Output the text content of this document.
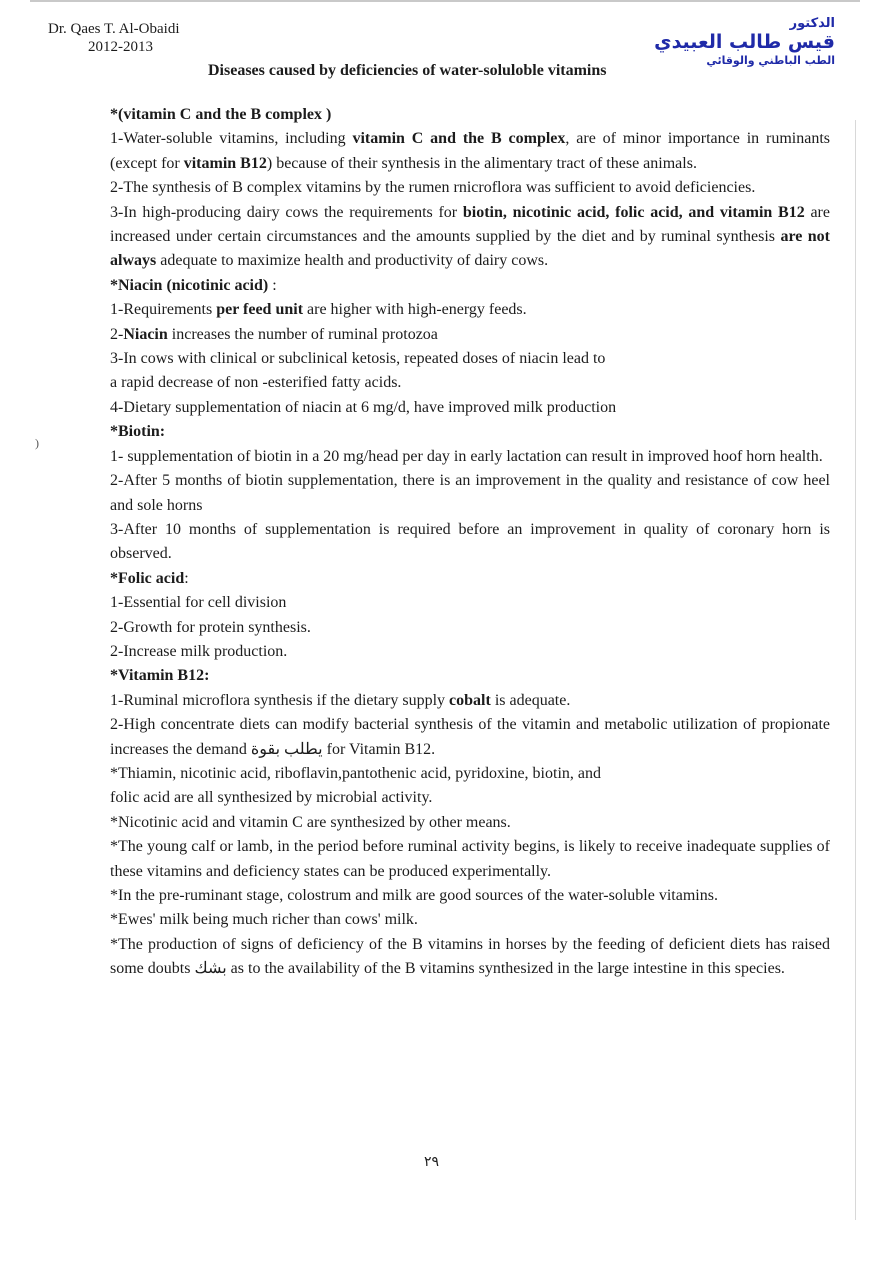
Dr. Qaes T. Al-Obaidi
2012-2013
الدكتور
قيس طالب العبيدي
الطب الباطني والوقائي
Diseases caused by deficiencies of water-soluloble vitamins
)

*(vitamin C and the B complex )

1-Water-soluble vitamins, including vitamin C and the B complex, are of minor importance in ruminants (except for vitamin B12) because of their synthesis in the alimentary tract of these animals.

2-The synthesis of B complex vitamins by the rumen rnicroflora was sufficient to avoid deficiencies.

3-In high-producing dairy cows the requirements for biotin, nicotinic acid, folic acid, and vitamin B12 are increased under certain circumstances and the amounts supplied by the diet and by ruminal synthesis are not always adequate to maximize health and productivity of dairy cows.

*Niacin (nicotinic acid) :

1-Requirements per feed unit are higher with high-energy feeds.

2-Niacin increases the number of ruminal protozoa

3-In cows with clinical or subclinical ketosis, repeated doses of niacin lead to

a rapid decrease of non -esterified fatty acids.

4-Dietary supplementation of niacin at 6 mg/d, have improved milk production

*Biotin:

1- supplementation of biotin in a 20 mg/head per day in early lactation can result in improved hoof horn health.

2-After 5 months of biotin supplementation, there is an improvement in the quality and resistance of cow heel and sole horns

3-After 10 months of supplementation is required before an improvement in quality of coronary horn is observed.

*Folic acid:

1-Essential for cell division

2-Growth for protein synthesis.

2-Increase milk production.

*Vitamin B12:

1-Ruminal microflora synthesis if the dietary supply cobalt is adequate.

2-High concentrate diets can modify bacterial synthesis of the vitamin and metabolic utilization of propionate increases the demand يطلب بقوة for Vitamin B12.

*Thiamin, nicotinic acid, riboflavin,pantothenic acid, pyridoxine, biotin, and

folic acid are all synthesized by microbial activity.

*Nicotinic acid and vitamin C are synthesized by other means.

*The young calf or lamb, in the period before ruminal activity begins, is likely to receive inadequate supplies of these vitamins and deficiency states can be produced experimentally.

*In the pre-ruminant stage, colostrum and milk are good sources of the water-soluble vitamins.

*Ewes' milk being much richer than cows' milk.

*The production of signs of deficiency of the B vitamins in horses by the feeding of deficient diets has raised some doubts بشك as to the availability of the B vitamins synthesized in the large intestine in this species.

٢٩
